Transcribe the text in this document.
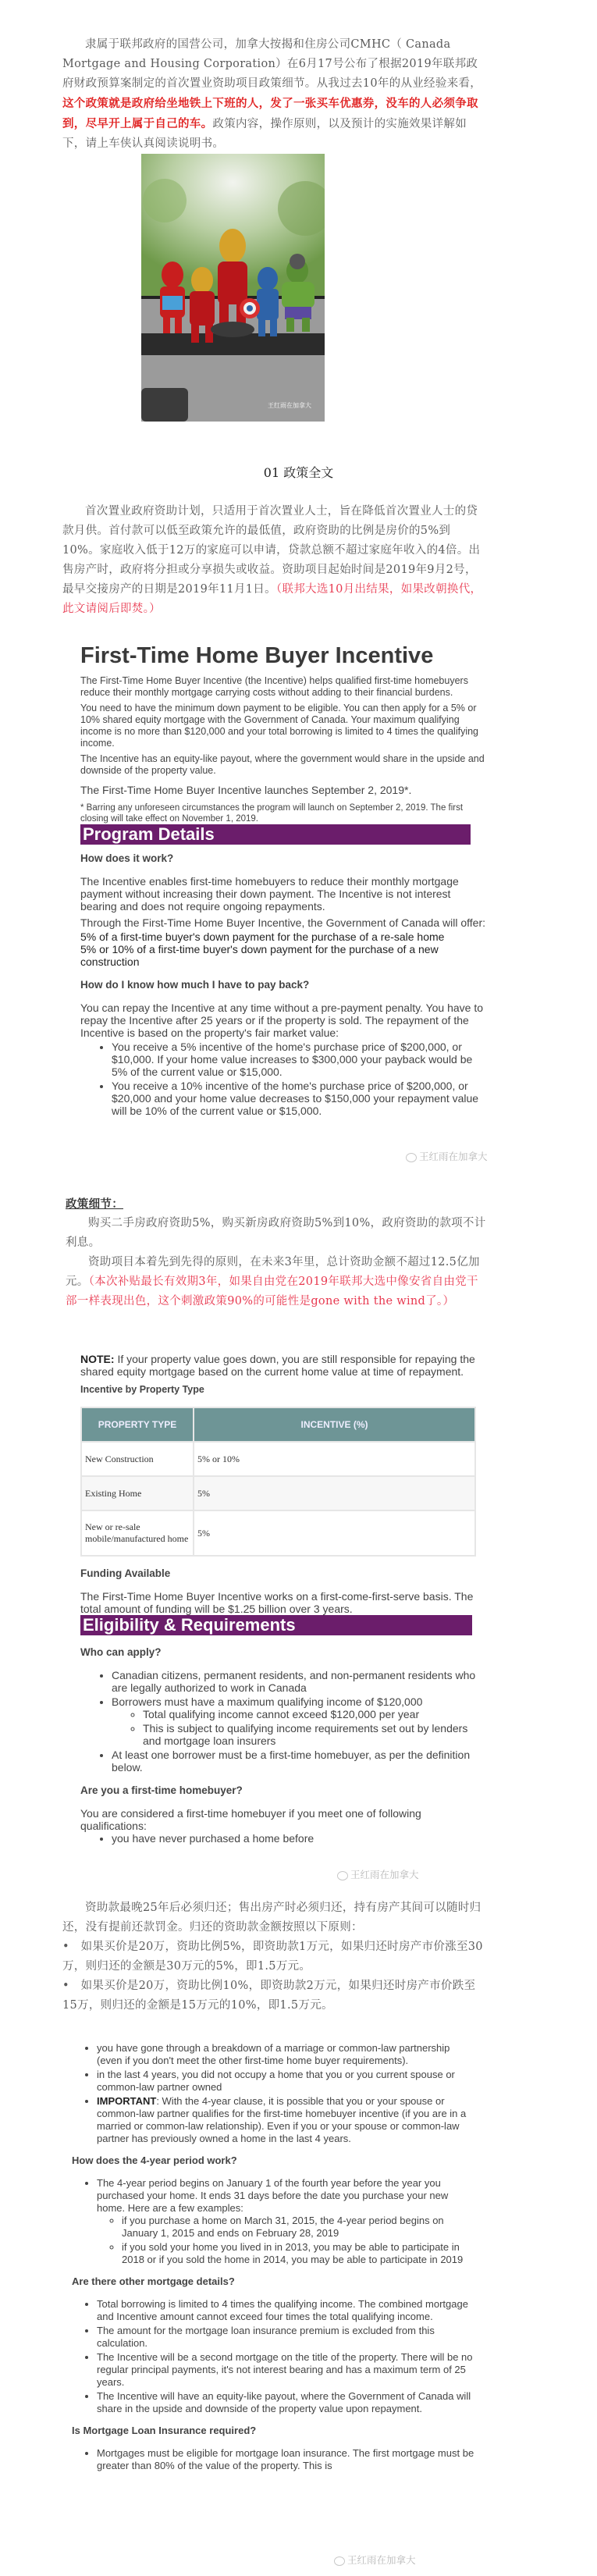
隶属于联邦政府的国营公司，加拿大按揭和住房公司CMHC（ Canada Mortgage and Housing Corporation）在6月17号公布了根据2019年联邦政府财政预算案制定的首次置业资助项目政策细节。从我过去10年的从业经验来看，这个政策就是政府给坐地铁上下班的人，发了一张买车优惠券，没车的人必须争取到，尽早开上属于自己的车。政策内容，操作原则，以及预计的实施效果详解如下，请上车侠认真阅读说明书。
王红雨在加拿大
01 政策全文
首次置业政府资助计划，只适用于首次置业人士，旨在降低首次置业人士的贷款月供。首付款可以低至政策允许的最低值，政府资助的比例是房价的5%到10%。家庭收入低于12万的家庭可以申请，贷款总额不超过家庭年收入的4倍。出售房产时，政府将分担或分享损失或收益。资助项目起始时间是2019年9月2号，最早交接房产的日期是2019年11月1日。（联邦大选10月出结果，如果改朝换代，此文请阅后即焚。）
First-Time Home Buyer Incentive

The First-Time Home Buyer Incentive (the Incentive) helps qualified first-time homebuyers reduce their monthly mortgage carrying costs without adding to their financial burdens.

You need to have the minimum down payment to be eligible. You can then apply for a 5% or 10% shared equity mortgage with the Government of Canada. Your maximum qualifying income is no more than $120,000 and your total borrowing is limited to 4 times the qualifying income.

The Incentive has an equity-like payout, where the government would share in the upside and downside of the property value.

The First-Time Home Buyer Incentive launches September 2, 2019*.

* Barring any unforeseen circumstances the program will launch on September 2, 2019. The first closing will take effect on November 1, 2019.

Program Details
How does it work?

The Incentive enables first-time homebuyers to reduce their monthly mortgage payment without increasing their down payment. The Incentive is not interest bearing and does not require ongoing repayments.

Through the First-Time Home Buyer Incentive, the Government of Canada will offer:

5% of a first-time buyer's down payment for the purchase of a re-sale home

5% or 10% of a first-time buyer's down payment for the purchase of a new construction

How do I know how much I have to pay back?

You can repay the Incentive at any time without a pre-payment penalty. You have to repay the Incentive after 25 years or if the property is sold. The repayment of the Incentive is based on the property's fair market value:

• You receive a 5% incentive of the home's purchase price of $200,000, or $10,000. If your home value increases to $300,000 your payback would be 5% of the current value or $15,000.
• You receive a 10% incentive of the home's purchase price of $200,000, or $20,000 and your home value decreases to $150,000 your repayment value will be 10% of the current value or $15,000.
王红雨在加拿大
政策细节：
购买二手房政府资助5%，购买新房政府资助5%到10%，政府资助的款项不计利息。
资助项目本着先到先得的原则，在未来3年里，总计资助金额不超过12.5亿加元。（本次补贴最长有效期3年，如果自由党在2019年联邦大选中像安省自由党干部一样表现出色，这个刺激政策90%的可能性是gone with the wind了。）

NOTE: If your property value goes down, you are still responsible for repaying the shared equity mortgage based on the current home value at time of repayment.

Incentive by Property Type
PROPERTY TYPE	INCENTIVE (%)
New Construction	5% or 10%
Existing Home	5%
New or re-sale mobile/manufactured home	5%
Funding Available

The First-Time Home Buyer Incentive works on a first-come-first-serve basis. The total amount of funding will be $1.25 billion over 3 years.

Eligibility & Requirements
Who can apply?
• Canadian citizens, permanent residents, and non-permanent residents who are legally authorized to work in Canada
• Borrowers must have a maximum qualifying income of $120,000
◦ Total qualifying income cannot exceed $120,000 per year
◦ This is subject to qualifying income requirements set out by lenders and mortgage loan insurers
• At least one borrower must be a first-time homebuyer, as per the definition below.
Are you a first-time homebuyer?

You are considered a first-time homebuyer if you meet one of following qualifications:

• you have never purchased a home before
王红雨在加拿大
资助款最晚25年后必须归还；售出房产时必须归还，持有房产其间可以随时归还，没有提前还款罚金。归还的资助款金额按照以下原则：
•   如果买价是20万，资助比例5%，即资助款1万元，如果归还时房产市价涨至30万，则归还的金额是30万元的5%，即1.5万元。
•   如果买价是20万，资助比例10%，即资助款2万元，如果归还时房产市价跌至15万，则归还的金额是15万元的10%，即1.5万元。
• you have gone through a breakdown of a marriage or common-law partnership (even if you don't meet the other first-time home buyer requirements).
• in the last 4 years, you did not occupy a home that you or you current spouse or common-law partner owned
• IMPORTANT: With the 4-year clause, it is possible that you or your spouse or common-law partner qualifies for the first-time homebuyer incentive (if you are in a married or common-law relationship). Even if you or your spouse or common-law partner has previously owned a home in the last 4 years.
How does the 4-year period work?
• The 4-year period begins on January 1 of the fourth year before the year you purchased your home. It ends 31 days before the date you purchase your new home. Here are a few examples:
◦ if you purchase a home on March 31, 2015, the 4-year period begins on January 1, 2015 and ends on February 28, 2019
◦ if you sold your home you lived in in 2013, you may be able to participate in 2018 or if you sold the home in 2014, you may be able to participate in 2019
Are there other mortgage details?
• Total borrowing is limited to 4 times the qualifying income. The combined mortgage and Incentive amount cannot exceed four times the total qualifying income.
• The amount for the mortgage loan insurance premium is excluded from this calculation.
• The Incentive will be a second mortgage on the title of the property. There will be no regular principal payments, it's not interest bearing and has a maximum term of 25 years.
• The Incentive will have an equity-like payout, where the Government of Canada will share in the upside and downside of the property value upon repayment.
Is Mortgage Loan Insurance required?
• Mortgages must be eligible for mortgage loan insurance. The first mortgage must be greater than 80% of the value of the property. This is
王红雨在加拿大
